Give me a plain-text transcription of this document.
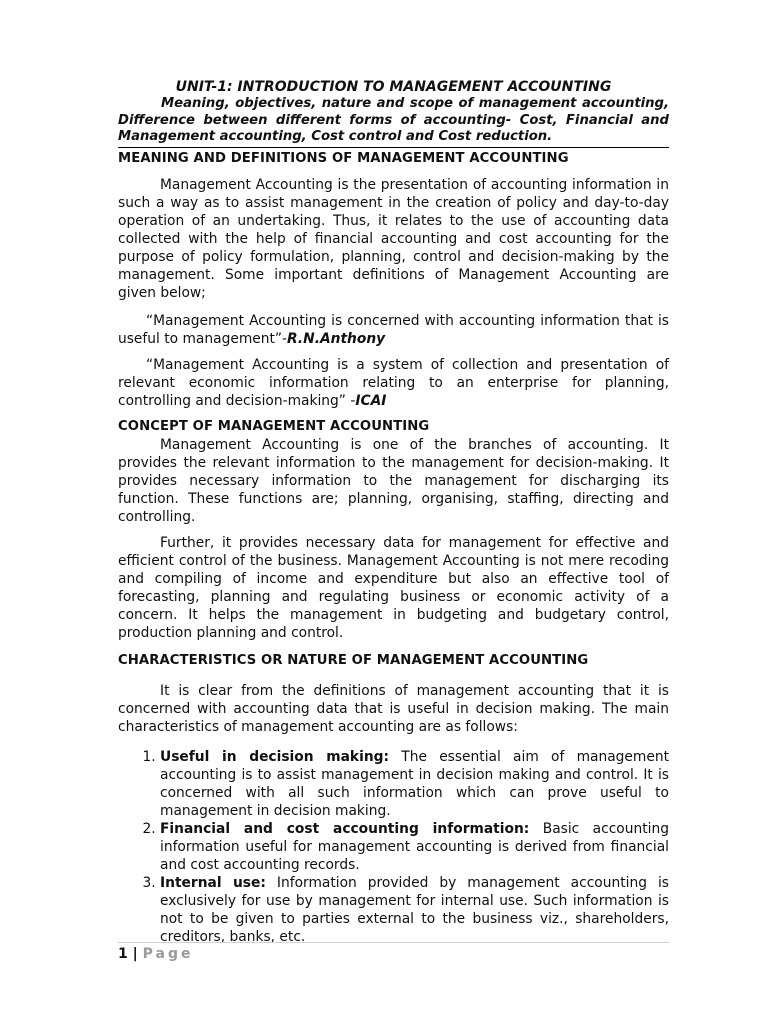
UNIT-1: INTRODUCTION TO MANAGEMENT ACCOUNTING

Meaning, objectives, nature and scope of management accounting, Difference between different forms of accounting- Cost, Financial and Management accounting, Cost control and Cost reduction.

MEANING AND DEFINITIONS OF MANAGEMENT ACCOUNTING

Management Accounting is the presentation of accounting information in such a way as to assist management in the creation of policy and day-to-day operation of an undertaking. Thus, it relates to the use of accounting data collected with the help of financial accounting and cost accounting for the purpose of policy formulation, planning, control and decision-making by the management. Some important definitions of Management Accounting are given below;

“Management Accounting is concerned with accounting information that is useful to management”-R.N.Anthony

“Management Accounting is a system of collection and presentation of relevant economic information relating to an enterprise for planning, controlling and decision-making” -ICAI

CONCEPT OF MANAGEMENT ACCOUNTING

Management Accounting is one of the branches of accounting. It provides the relevant information to the management for decision-making. It provides necessary information to the management for discharging its function. These functions are; planning, organising, staffing, directing and controlling.

Further, it provides necessary data for management for effective and efficient control of the business. Management Accounting is not mere recoding and compiling of income and expenditure but also an effective tool of forecasting, planning and regulating business or economic activity of a concern. It helps the management in budgeting and budgetary control, production planning and control.

CHARACTERISTICS OR NATURE OF MANAGEMENT ACCOUNTING

It is clear from the definitions of management accounting that it is concerned with accounting data that is useful in decision making. The main characteristics of management accounting are as follows:

1. Useful in decision making: The essential aim of management accounting is to assist management in decision making and control. It is concerned with all such information which can prove useful to management in decision making.
2. Financial and cost accounting information: Basic accounting information useful for management accounting is derived from financial and cost accounting records.
3. Internal use: Information provided by management accounting is exclusively for use by management for internal use. Such information is not to be given to parties external to the business viz., shareholders, creditors, banks, etc.
1 | Page
